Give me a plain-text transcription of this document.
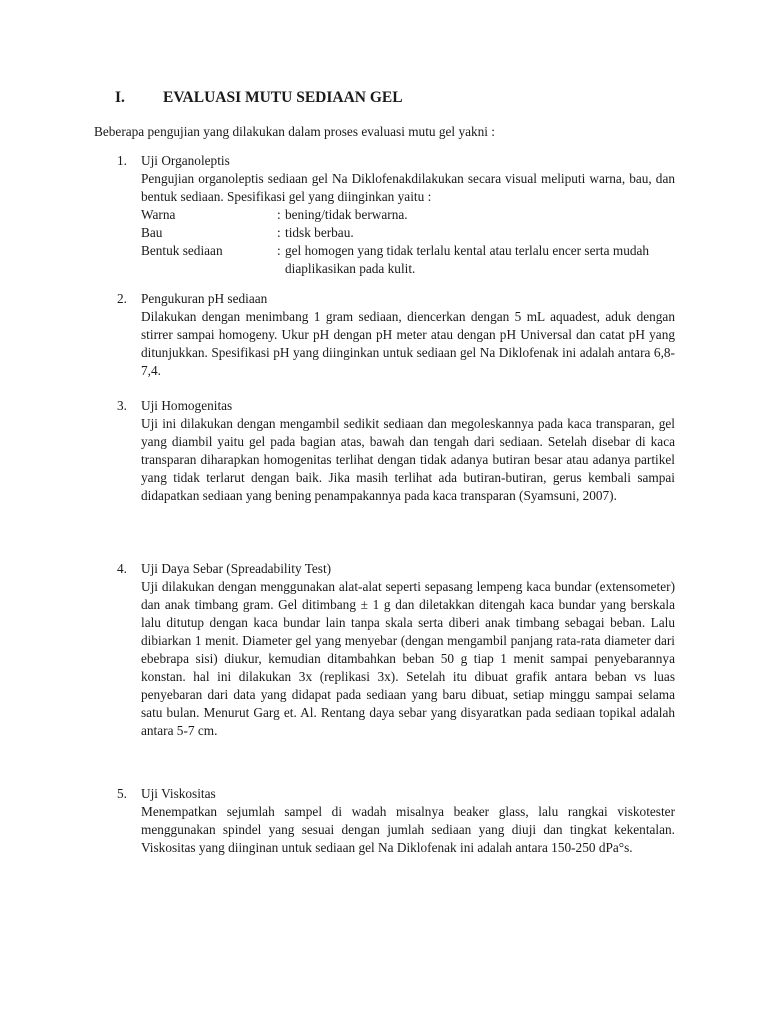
I. EVALUASI MUTU SEDIAAN GEL
Beberapa pengujian yang dilakukan dalam proses evaluasi mutu gel yakni :
1. Uji Organoleptis

Pengujian organoleptis sediaan gel Na Diklofenakdilakukan secara visual meliputi warna, bau, dan bentuk sediaan. Spesifikasi gel yang diinginkan yaitu :

Warna	: bening/tidak berwarna.
Bau	: tidsk berbau.
Bentuk sediaan	: gel homogen yang tidak terlalu kental atau terlalu encer serta mudah diaplikasikan pada kulit.
2. Pengukuran pH sediaan

Dilakukan dengan menimbang 1 gram sediaan, diencerkan dengan 5 mL aquadest, aduk dengan stirrer sampai homogeny. Ukur pH dengan pH meter atau dengan pH Universal dan catat pH yang ditunjukkan. Spesifikasi pH yang diinginkan untuk sediaan gel Na Diklofenak ini adalah antara 6,8-7,4.

3. Uji Homogenitas

Uji ini dilakukan dengan mengambil sedikit sediaan dan megoleskannya pada kaca transparan, gel yang diambil yaitu gel pada bagian atas, bawah dan tengah dari sediaan. Setelah disebar di kaca transparan diharapkan homogenitas terlihat dengan tidak adanya butiran besar atau adanya partikel yang tidak terlarut dengan baik. Jika masih terlihat ada butiran-butiran, gerus kembali sampai didapatkan sediaan yang bening penampakannya pada kaca transparan (Syamsuni, 2007).

4. Uji Daya Sebar (Spreadability Test)

Uji dilakukan dengan menggunakan alat-alat seperti sepasang lempeng kaca bundar (extensometer) dan anak timbang gram. Gel ditimbang ± 1 g dan diletakkan ditengah kaca bundar yang berskala lalu ditutup dengan kaca bundar lain tanpa skala serta diberi anak timbang sebagai beban. Lalu dibiarkan 1 menit. Diameter gel yang menyebar (dengan mengambil panjang rata-rata diameter dari ebebrapa sisi) diukur, kemudian ditambahkan beban 50 g tiap 1 menit sampai penyebarannya konstan. hal ini dilakukan 3x (replikasi 3x). Setelah itu dibuat grafik antara beban vs luas penyebaran dari data yang didapat pada sediaan yang baru dibuat, setiap minggu sampai selama satu bulan. Menurut Garg et. Al. Rentang daya sebar yang disyaratkan pada sediaan topikal adalah antara 5-7 cm.

5. Uji Viskositas

Menempatkan sejumlah sampel di wadah misalnya beaker glass, lalu rangkai viskotester menggunakan spindel yang sesuai dengan jumlah sediaan yang diuji dan tingkat kekentalan. Viskositas yang diinginan untuk sediaan gel Na Diklofenak ini adalah antara 150-250 dPa°s.
